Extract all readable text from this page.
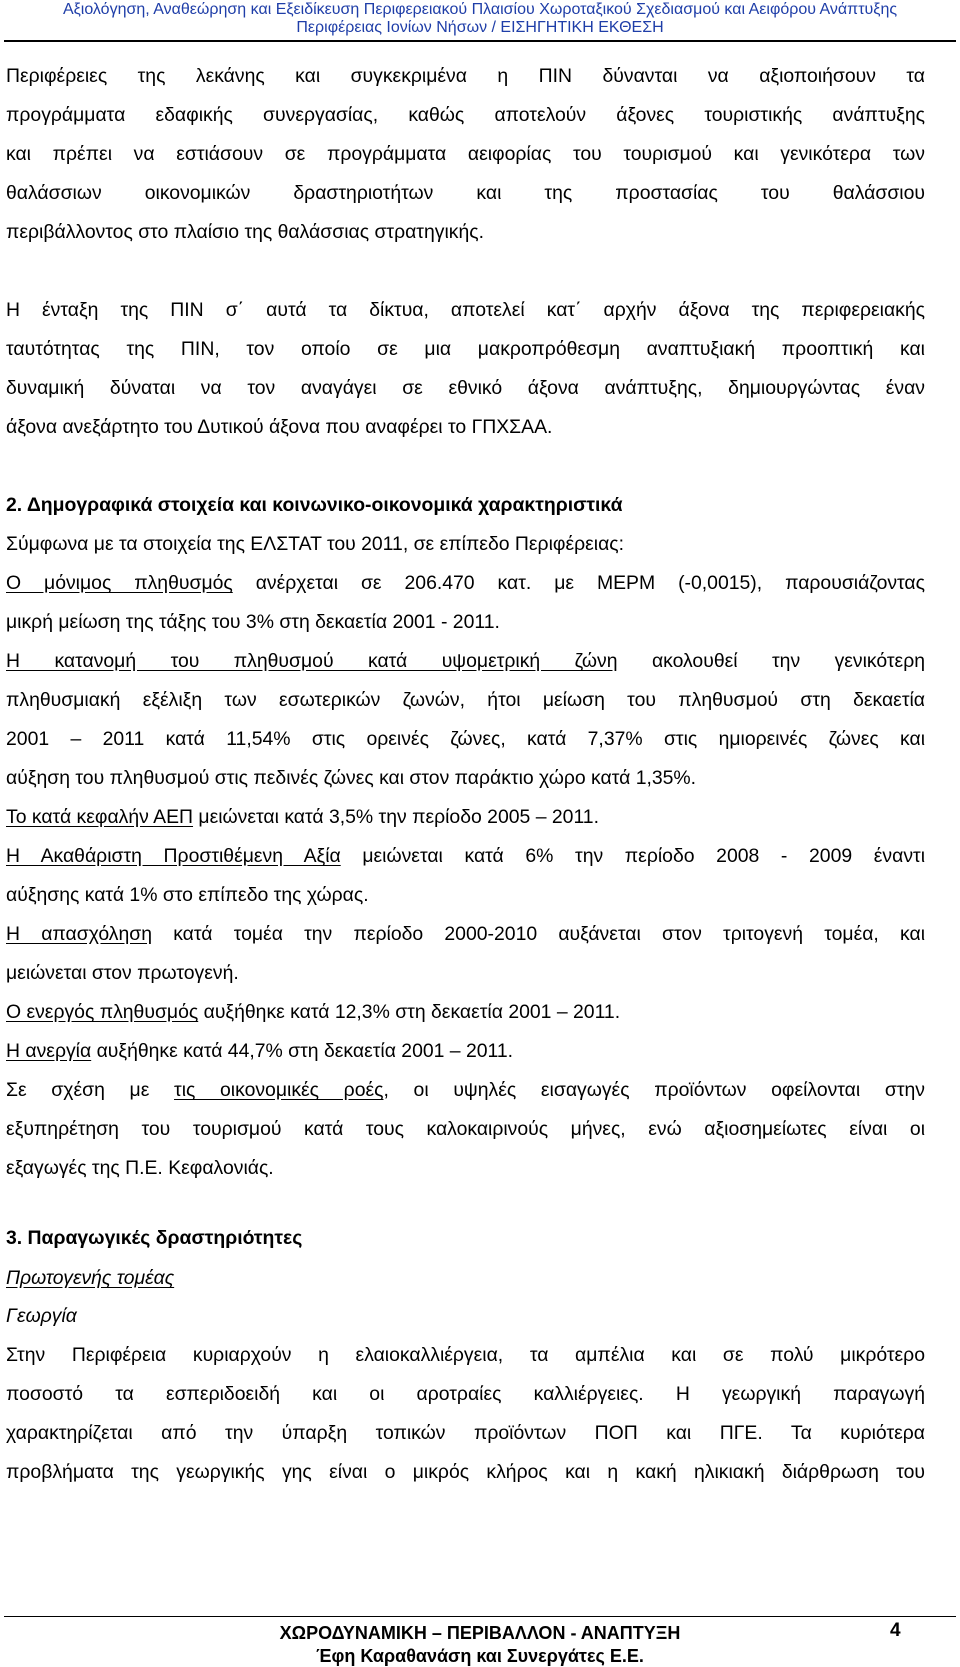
Αξιολόγηση, Αναθεώρηση και Εξειδίκευση Περιφερειακού Πλαισίου Χωροταξικού Σχεδιασμού και Αειφόρου Ανάπτυξης
Περιφέρειας Ιονίων Νήσων / ΕΙΣΗΓΗΤΙΚΗ ΕΚΘΕΣΗ
Περιφέρειες της λεκάνης και συγκεκριμένα η ΠΙΝ δύνανται να αξιοποιήσουν τα
προγράμματα εδαφικής συνεργασίας, καθώς αποτελούν άξονες τουριστικής ανάπτυξης
και πρέπει να εστιάσουν σε προγράμματα αειφορίας του τουρισμού και γενικότερα των
θαλάσσιων οικονομικών δραστηριοτήτων και της προστασίας του θαλάσσιου
περιβάλλοντος στο πλαίσιο της θαλάσσιας στρατηγικής.
Η ένταξη της ΠΙΝ σ΄ αυτά τα δίκτυα, αποτελεί κατ΄ αρχήν άξονα της περιφερειακής
ταυτότητας της ΠΙΝ, τον οποίο σε μια μακροπρόθεσμη αναπτυξιακή προοπτική και
δυναμική δύναται να τον αναγάγει σε εθνικό άξονα ανάπτυξης, δημιουργώντας έναν
άξονα ανεξάρτητο του Δυτικού άξονα που αναφέρει το ΓΠΧΣΑΑ.
2. Δημογραφικά στοιχεία και κοινωνικο-οικονομικά χαρακτηριστικά
Σύμφωνα με τα στοιχεία της ΕΛΣΤΑΤ του 2011, σε επίπεδο Περιφέρειας:
Ο μόνιμος πληθυσμός ανέρχεται σε 206.470 κατ. με ΜΕΡΜ (-0,0015), παρουσιάζοντας
μικρή μείωση της τάξης του 3% στη δεκαετία 2001 - 2011.
Η κατανομή του πληθυσμού κατά υψομετρική ζώνη ακολουθεί την γενικότερη
πληθυσμιακή εξέλιξη των εσωτερικών ζωνών, ήτοι μείωση του πληθυσμού στη δεκαετία
2001 – 2011 κατά 11,54% στις ορεινές ζώνες, κατά 7,37% στις ημιορεινές ζώνες και
αύξηση του πληθυσμού στις πεδινές ζώνες και στον παράκτιο χώρο κατά 1,35%.
Το κατά κεφαλήν ΑΕΠ μειώνεται κατά 3,5% την περίοδο 2005 – 2011.
Η Ακαθάριστη Προστιθέμενη Αξία μειώνεται κατά 6% την περίοδο 2008 - 2009 έναντι
αύξησης κατά 1% στο επίπεδο της χώρας.
Η απασχόληση κατά τομέα την περίοδο 2000-2010 αυξάνεται στον τριτογενή τομέα, και
μειώνεται στον πρωτογενή.
Ο ενεργός πληθυσμός αυξήθηκε κατά 12,3% στη δεκαετία 2001 – 2011.
Η ανεργία αυξήθηκε κατά 44,7% στη δεκαετία 2001 – 2011.
Σε σχέση με τις οικονομικές ροές, οι υψηλές εισαγωγές προϊόντων οφείλονται στην
εξυπηρέτηση του τουρισμού κατά τους καλοκαιρινούς μήνες, ενώ αξιοσημείωτες είναι οι
εξαγωγές της Π.Ε. Κεφαλονιάς.
3. Παραγωγικές δραστηριότητες
Πρωτογενής τομέας
Γεωργία
Στην Περιφέρεια κυριαρχούν η ελαιοκαλλιέργεια, τα αμπέλια και σε πολύ μικρότερο
ποσοστό τα εσπεριδοειδή και οι αροτραίες καλλιέργειες. Η γεωργική παραγωγή
χαρακτηρίζεται από την ύπαρξη τοπικών προϊόντων ΠΟΠ και ΠΓΕ. Τα κυριότερα
προβλήματα της γεωργικής γης είναι ο μικρός κλήρος και η κακή ηλικιακή διάρθρωση του
ΧΩΡΟΔΥΝΑΜΙΚΗ – ΠΕΡΙΒΑΛΛΟΝ - ΑΝΑΠΤΥΞΗ
Έφη Καραθανάση και Συνεργάτες Ε.Ε.
4
